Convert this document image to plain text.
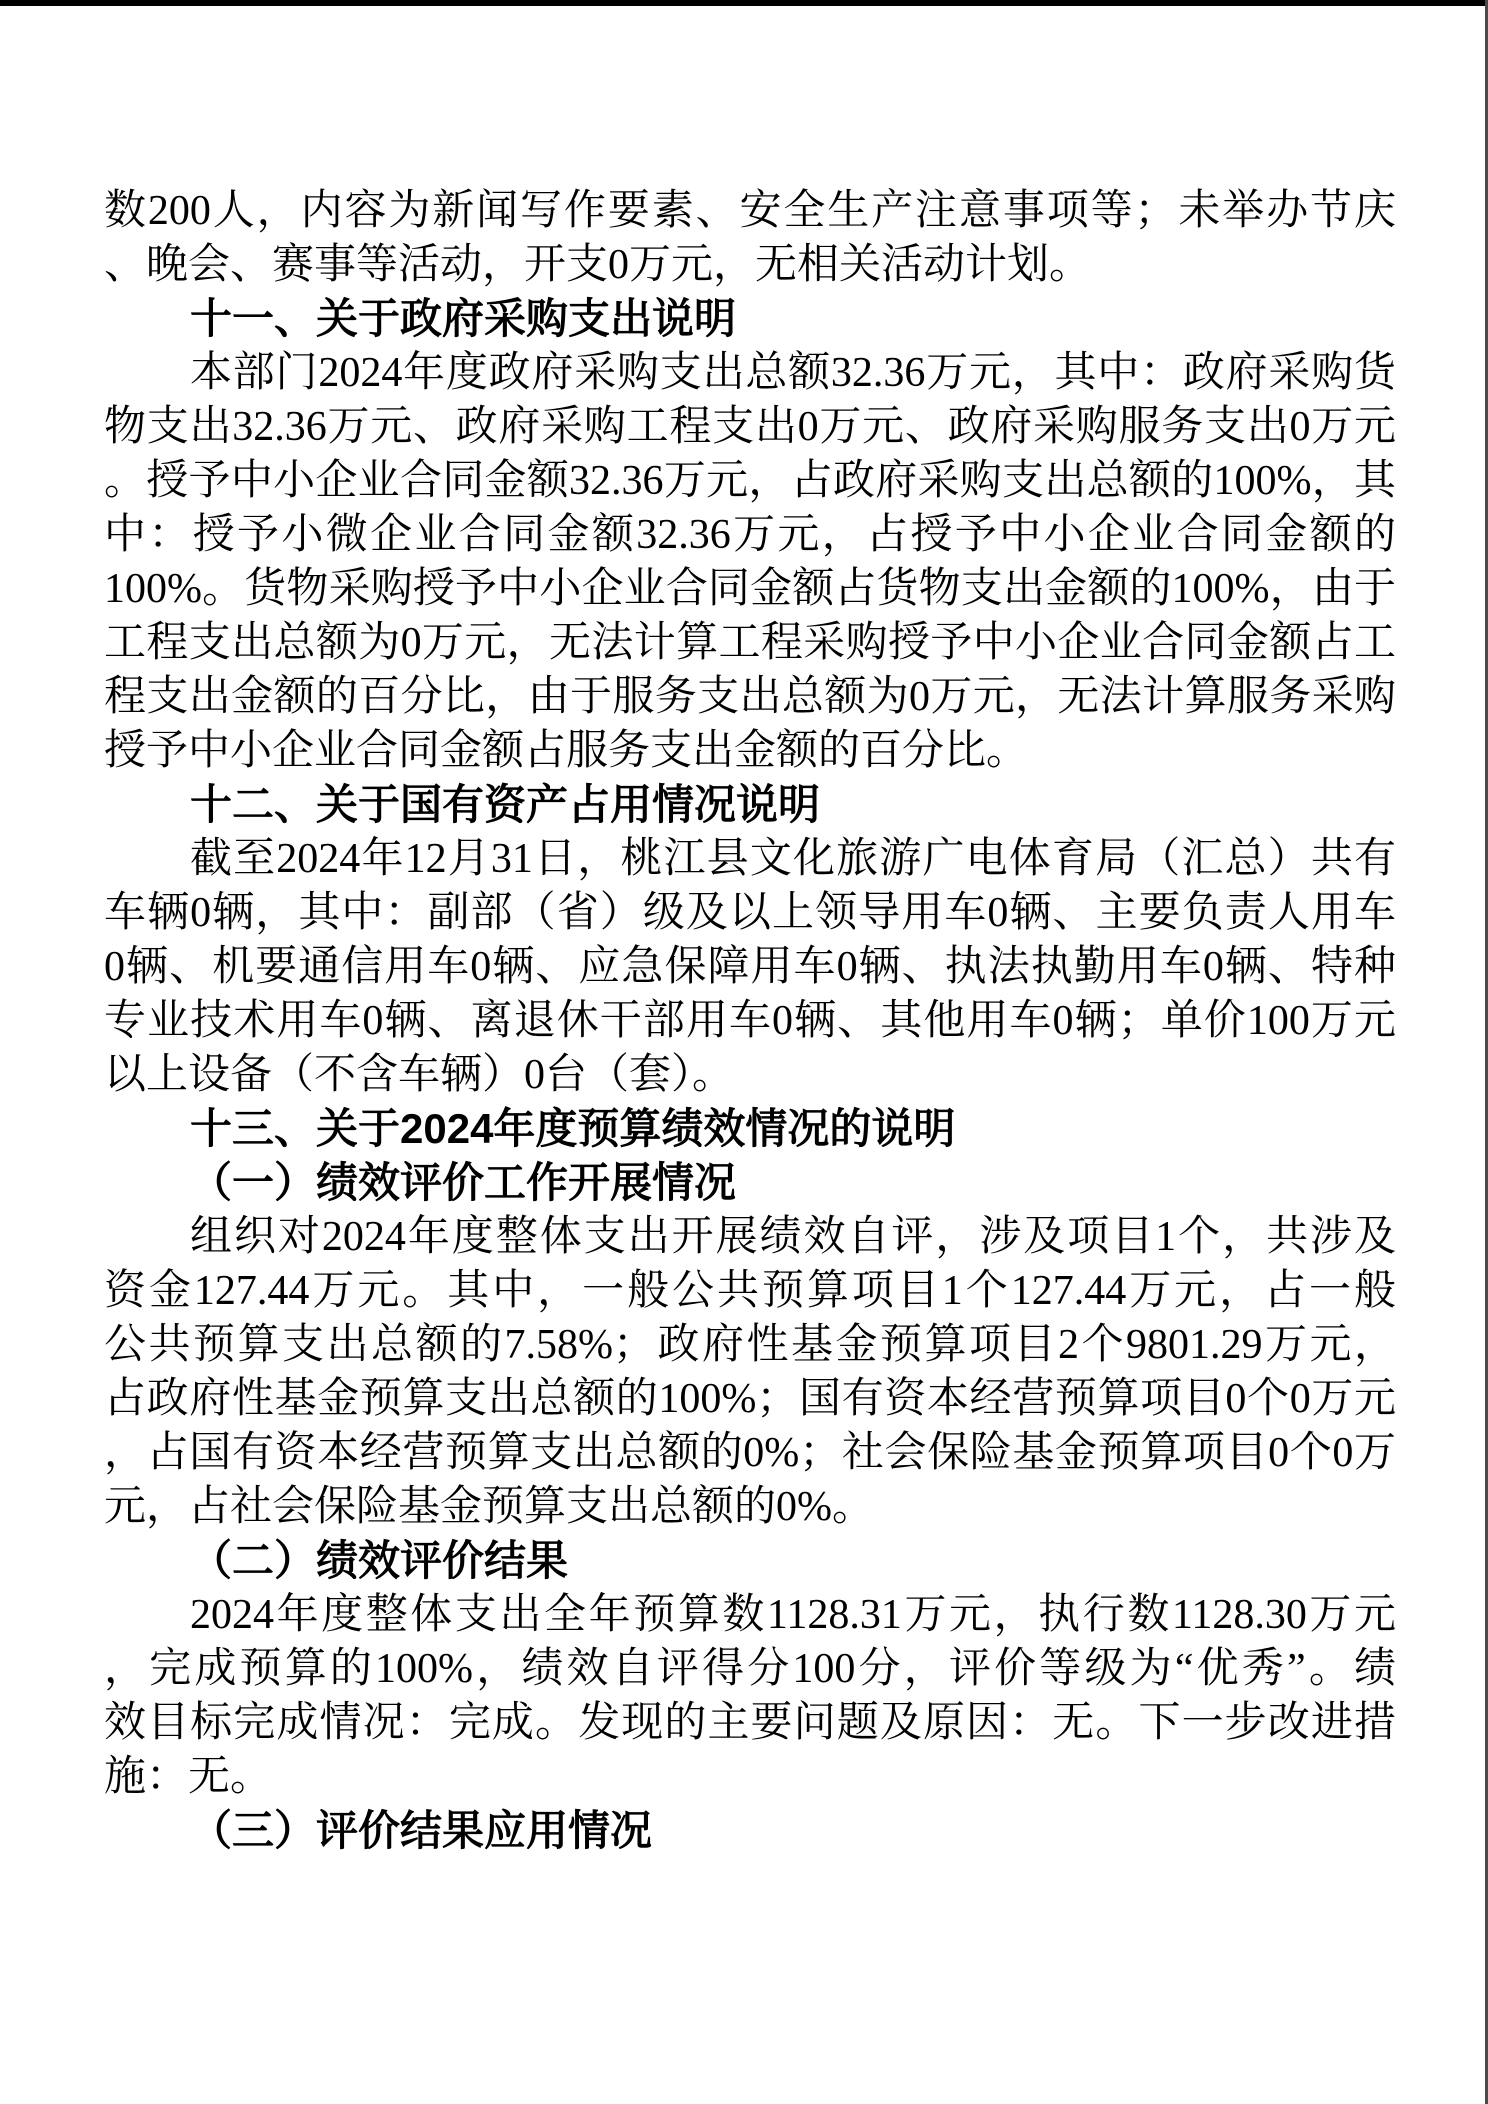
数200人，内容为新闻写作要素、安全生产注意事项等；未举办节庆
、晚会、赛事等活动，开支0万元，无相关活动计划。
十一、关于政府采购支出说明
本部门2024年度政府采购支出总额32.36万元，其中：政府采购货
物支出32.36万元、政府采购工程支出0万元、政府采购服务支出0万元
。授予中小企业合同金额32.36万元，占政府采购支出总额的100%，其
中：授予小微企业合同金额32.36万元，占授予中小企业合同金额的
100%。货物采购授予中小企业合同金额占货物支出金额的100%，由于
工程支出总额为0万元，无法计算工程采购授予中小企业合同金额占工
程支出金额的百分比，由于服务支出总额为0万元，无法计算服务采购
授予中小企业合同金额占服务支出金额的百分比。
十二、关于国有资产占用情况说明
截至2024年12月31日，桃江县文化旅游广电体育局（汇总）共有
车辆0辆，其中：副部（省）级及以上领导用车0辆、主要负责人用车
0辆、机要通信用车0辆、应急保障用车0辆、执法执勤用车0辆、特种
专业技术用车0辆、离退休干部用车0辆、其他用车0辆；单价100万元
以上设备（不含车辆）0台（套）。
十三、关于2024年度预算绩效情况的说明
（一）绩效评价工作开展情况
组织对2024年度整体支出开展绩效自评，涉及项目1个，共涉及
资金127.44万元。其中，一般公共预算项目1个127.44万元，占一般
公共预算支出总额的7.58%；政府性基金预算项目2个9801.29万元，
占政府性基金预算支出总额的100%；国有资本经营预算项目0个0万元
，占国有资本经营预算支出总额的0%；社会保险基金预算项目0个0万
元，占社会保险基金预算支出总额的0%。
（二）绩效评价结果
2024年度整体支出全年预算数1128.31万元，执行数1128.30万元
，完成预算的100%，绩效自评得分100分，评价等级为“优秀”。绩
效目标完成情况：完成。发现的主要问题及原因：无。下一步改进措
施：无。
（三）评价结果应用情况
